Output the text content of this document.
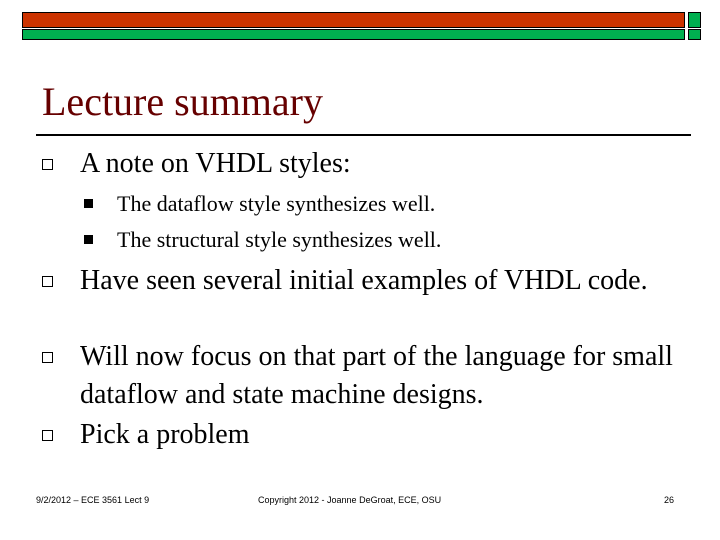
Lecture summary
A note on VHDL styles:
The dataflow style synthesizes well.
The structural style synthesizes well.
Have seen several initial examples of VHDL code.
Will now focus on that part of the language for small dataflow and state machine designs.
Pick a problem
9/2/2012 – ECE 3561 Lect 9	Copyright 2012 - Joanne DeGroat, ECE, OSU	26
